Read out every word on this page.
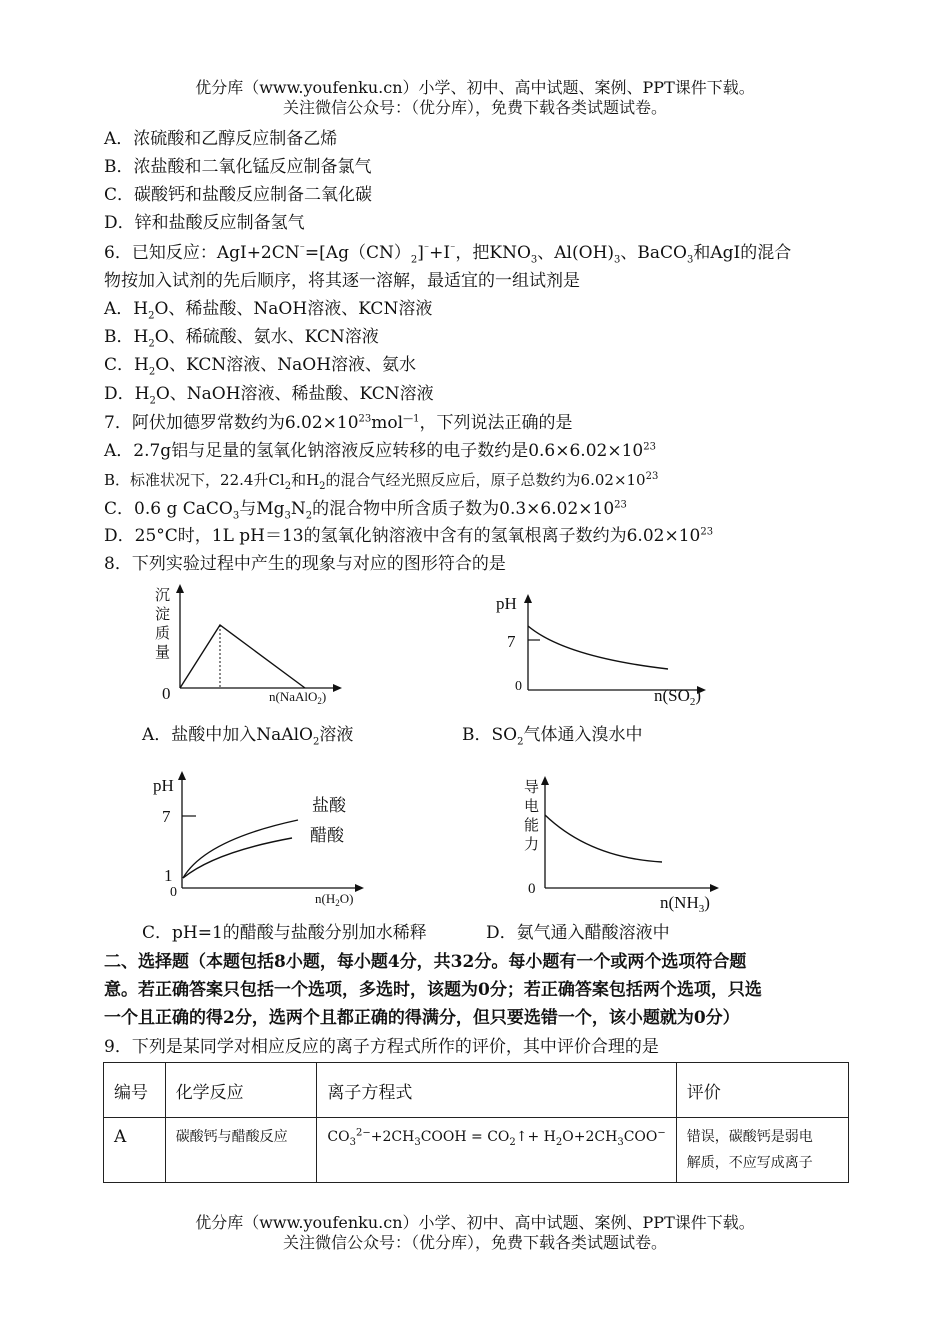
优分库（www.youfenku.cn）小学、初中、高中试题、案例、PPT课件下载。
关注微信公众号：（优分库），免费下载各类试题试卷。
A．浓硫酸和乙醇反应制备乙烯
B．浓盐酸和二氧化锰反应制备氯气
C．碳酸钙和盐酸反应制备二氧化碳
D．锌和盐酸反应制备氢气
6．已知反应：$AgI+2CN^{^-}=[Ag(CN)_2]^{^-}+I^{^-}$，把$KNO_3$、$Al(OH)_3$、BaCO$_3$和AgI的混合
物按加入试剂的先后顺序，将其逐一溶解，最适宜的一组试剂是
A．$H_2O$、稀盐酸、NaOH溶液、KCN溶液
B．$H_2O$、稀硫酸、氨水、KCN溶液
C．$H_2O$、KCN溶液、NaOH溶液、氨水
D．$H_2O$、NaOH溶液、稀盐酸、KCN溶液
7．阿伏加德罗常数约为$6.02\times 10^{23}mol^{—1}$，下列说法正确的是
A．2.7g铝与足量的氢氧化钠溶液反应转移的电子数约是$0.6\times 6.02\times 10^{23}$
B．标准状况下，22.4升$Cl_2$和$H_2$的混合气经光照反应后，原子总数约为$6.02\times 10^{23}$
C．0.6 g CaCO$_3$与$Mg_3N_2$的混合物中所含质子数为$0.3\times 6.02\times 10^{23}$
D．25°C时，1L pH＝13的氢氧化钠溶液中含有的氢氧根离子数约为$6.02\times 10^{23}$
8．下列实验过程中产生的现象与对应的图形符合的是
沉
淀
质
量
0	n(NaAlO$_2$)
pH
7
0	$n(SO_2)$
pH
7
1
0
盐酸
醋酸
$n(H_2O)$
导
电
能
力
0
$n(NH_3)$
A．盐酸中加入NaAlO$_2$溶液	B．$SO_2$气体通入溴水中
C．pH=1的醋酸与盐酸分别加水稀释	D．氨气通入醋酸溶液中
二、选择题（本题包括8小题，每小题4分，共32分。每小题有一个或两个选项符合题
意。若正确答案只包括一个选项，多选时，该题为0分；若正确答案包括两个选项，只选
一个且正确的得2分，选两个且都正确的得满分，但只要选错一个，该小题就为0分）
9．下列是某同学对相应反应的离子方程式所作的评价，其中评价合理的是
编号	化学反应	离子方程式	评价
A	碳酸钙与醋酸反应	$CO_3^{2-}+2CH_3COOH$ = $CO_2↑+ H_2O+2CH_3COO^-$	错误，碳酸钙是弱电
解质，不应写成离子
优分库（www.youfenku.cn）小学、初中、高中试题、案例、PPT课件下载。
关注微信公众号：（优分库），免费下载各类试题试卷。
